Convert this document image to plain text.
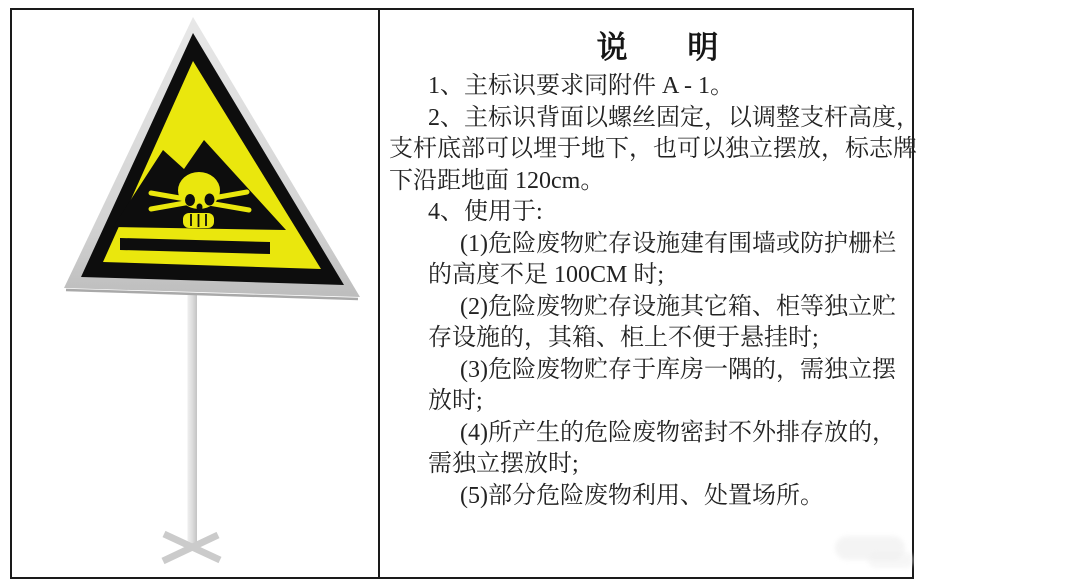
说 明
1、主标识要求同附件 A - 1。
2、主标识背面以螺丝固定，以调整支杆高度，
支杆底部可以埋于地下，也可以独立摆放，标志牌
下沿距地面 120cm。
4、使用于:
(1)危险废物贮存设施建有围墙或防护栅栏
的高度不足 100CM 时;
(2)危险废物贮存设施其它箱、柜等独立贮
存设施的，其箱、柜上不便于悬挂时;
(3)危险废物贮存于库房一隅的，需独立摆
放时;
(4)所产生的危险废物密封不外排存放的，
需独立摆放时;
(5)部分危险废物利用、处置场所。
